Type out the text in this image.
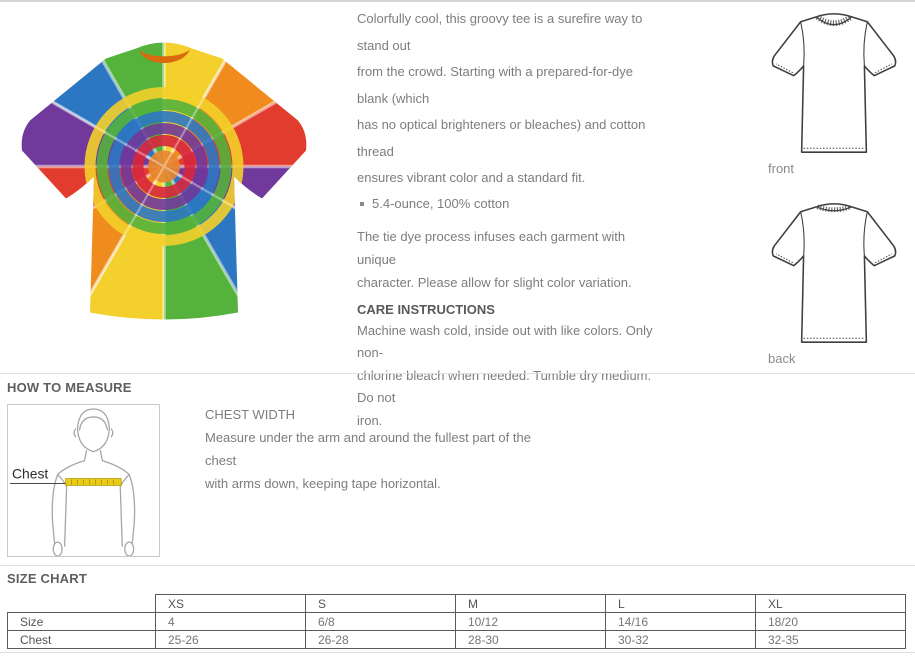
Colorfully cool, this groovy tee is a surefire way to stand out
from the crowd. Starting with a prepared-for-dye blank (which
has no optical brighteners or bleaches) and cotton thread
ensures vibrant color and a standard fit.
5.4-ounce, 100% cotton
The tie dye process infuses each garment with unique
character. Please allow for slight color variation.
CARE INSTRUCTIONS
Machine wash cold, inside out with like colors. Only non-
chlorine bleach when needed. Tumble dry medium. Do not
iron.
front
back
HOW TO MEASURE
Chest
CHEST WIDTH
Measure under the arm and around the fullest part of the chest
with arms down, keeping tape horizontal.
SIZE CHART
	XS	S	M	L	XL
Size	4	6/8	10/12	14/16	18/20
Chest	25-26	26-28	28-30	30-32	32-35
